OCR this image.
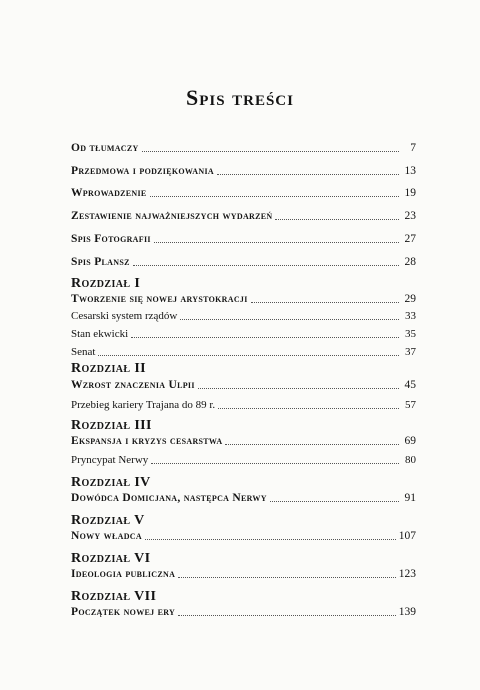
Spis treści
Od tłumaczy	7
Przedmowa i podziękowania	13
Wprowadzenie	19
Zestawienie najważniejszych wydarzeń	23
Spis Fotografii	27
Spis Plansz	28
Rozdział I
Tworzenie się nowej arystokracji	29
Cesarski system rządów	33
Stan ekwicki	35
Senat	37
Rozdział II
Wzrost znaczenia Ulpii	45
Przebieg kariery Trajana do 89 r.	57
Rozdział III
Ekspansja i kryzys cesarstwa	69
Pryncypat Nerwy	80
Rozdział IV
Dowódca Domicjana, następca Nerwy	91
Rozdział V
Nowy władca	107
Rozdział VI
Ideologia publiczna	123
Rozdział VII
Początek nowej ery	139
